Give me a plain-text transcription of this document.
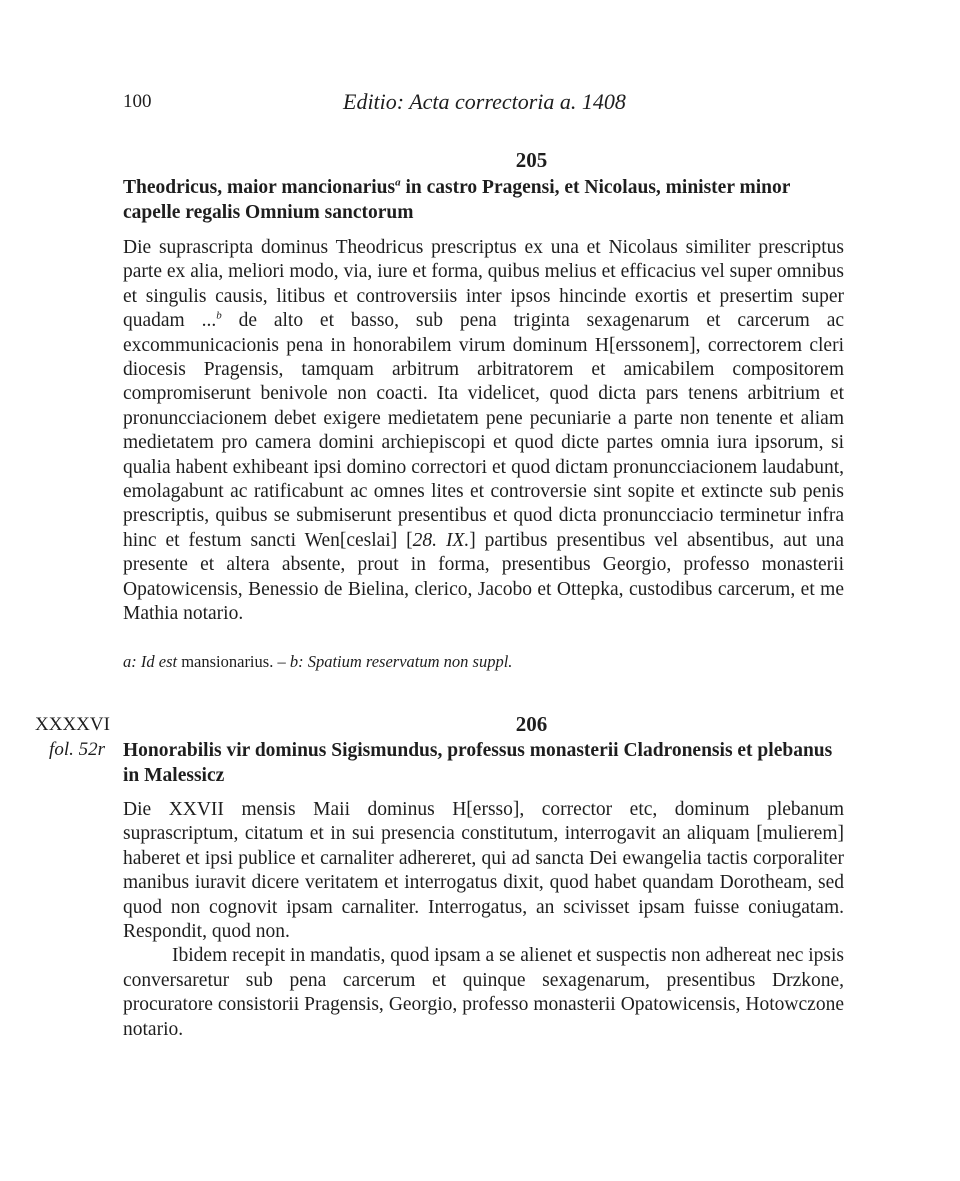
100	Editio: Acta correctoria a. 1408
205
Theodricus, maior mancionarius$^a$ in castro Pragensi, et Nicolaus, minister minor capelle regalis Omnium sanctorum

Die suprascripta dominus Theodricus prescriptus ex una et Nicolaus similiter prescriptus parte ex alia, meliori modo, via, iure et forma, quibus melius et efficacius vel super omnibus et singulis causis, litibus et controversiis inter ipsos hincinde exortis et presertim super quadam ...$^b$ de alto et basso, sub pena triginta sexagenarum et carcerum ac excommunicacionis pena in honorabilem virum dominum H[erssonem], correctorem cleri diocesis Pragensis, tamquam arbitrum arbitratorem et amicabilem compositorem compromiserunt benivole non coacti. Ita videlicet, quod dicta pars tenens arbitrium et pronuncciacionem debet exigere medietatem pene pecuniarie a parte non tenente et aliam medietatem pro camera domini archiepiscopi et quod dicte partes omnia iura ipsorum, si qualia habent exhibeant ipsi domino correctori et quod dictam pronuncciacionem laudabunt, emolagabunt ac ratificabunt ac omnes lites et controversie sint sopite et extincte sub penis prescriptis, quibus se submiserunt presentibus et quod dicta pronuncciacio terminetur infra hinc et festum sancti Wen[ceslai] [28. IX.] partibus presentibus vel absentibus, aut una presente et altera absente, prout in forma, presentibus Georgio, professo monasterii Opatowicensis, Benessio de Bielina, clerico, Jacobo et Ottepka, custodibus carcerum, et me Mathia notario.

a: Id est mansionarius. – b: Spatium reservatum non suppl.
XXXXVI
fol. 52r
206
Honorabilis vir dominus Sigismundus, professus monasterii Cladronensis et plebanus in Malessicz

Die XXVII mensis Maii dominus H[ersso], corrector etc, dominum plebanum suprascriptum, citatum et in sui presencia constitutum, interrogavit an aliquam [mulierem] haberet et ipsi publice et carnaliter adhereret, qui ad sancta Dei ewangelia tactis corporaliter manibus iuravit dicere veritatem et interrogatus dixit, quod habet quandam Dorotheam, sed quod non cognovit ipsam carnaliter. Interrogatus, an scivisset ipsam fuisse coniugatam. Respondit, quod non.

Ibidem recepit in mandatis, quod ipsam a se alienet et suspectis non adhereat nec ipsis conversaretur sub pena carcerum et quinque sexagenarum, presentibus Drzkone, procuratore consistorii Pragensis, Georgio, professo monasterii Opatowicensis, Hotowczone notario.
